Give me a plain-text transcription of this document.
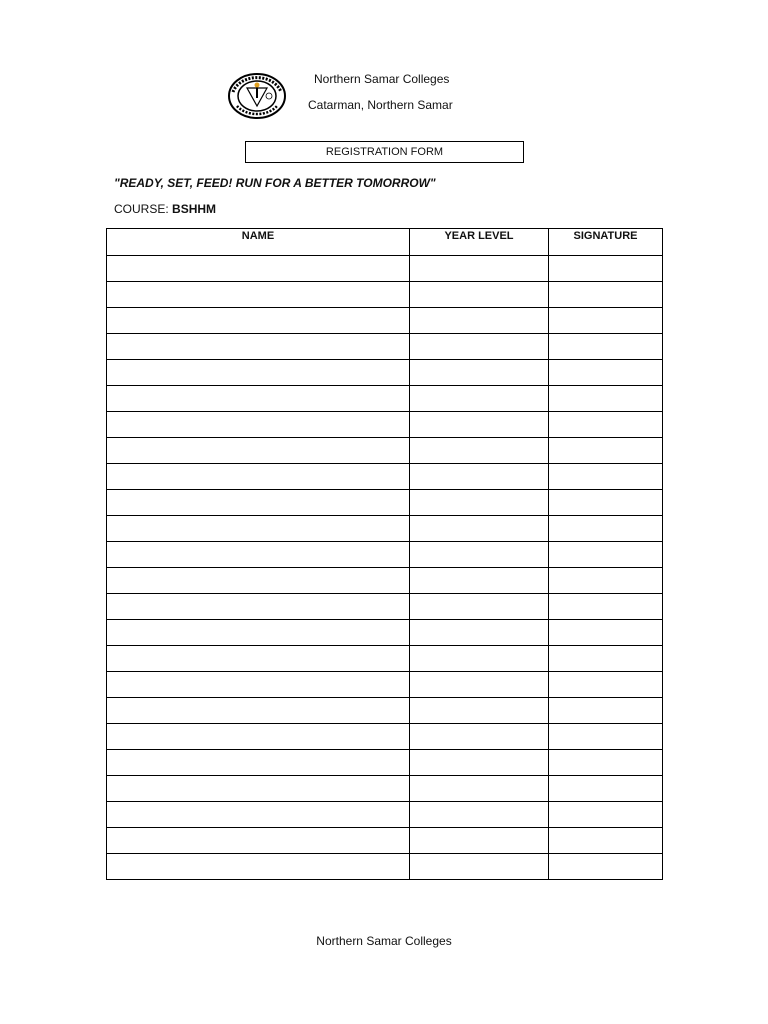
Northern Samar Colleges
Catarman, Northern Samar
REGISTRATION FORM
"READY, SET, FEED! RUN FOR A BETTER TOMORROW"
COURSE: BSHHM
NAME	YEAR LEVEL	SIGNATURE

Northern Samar Colleges
